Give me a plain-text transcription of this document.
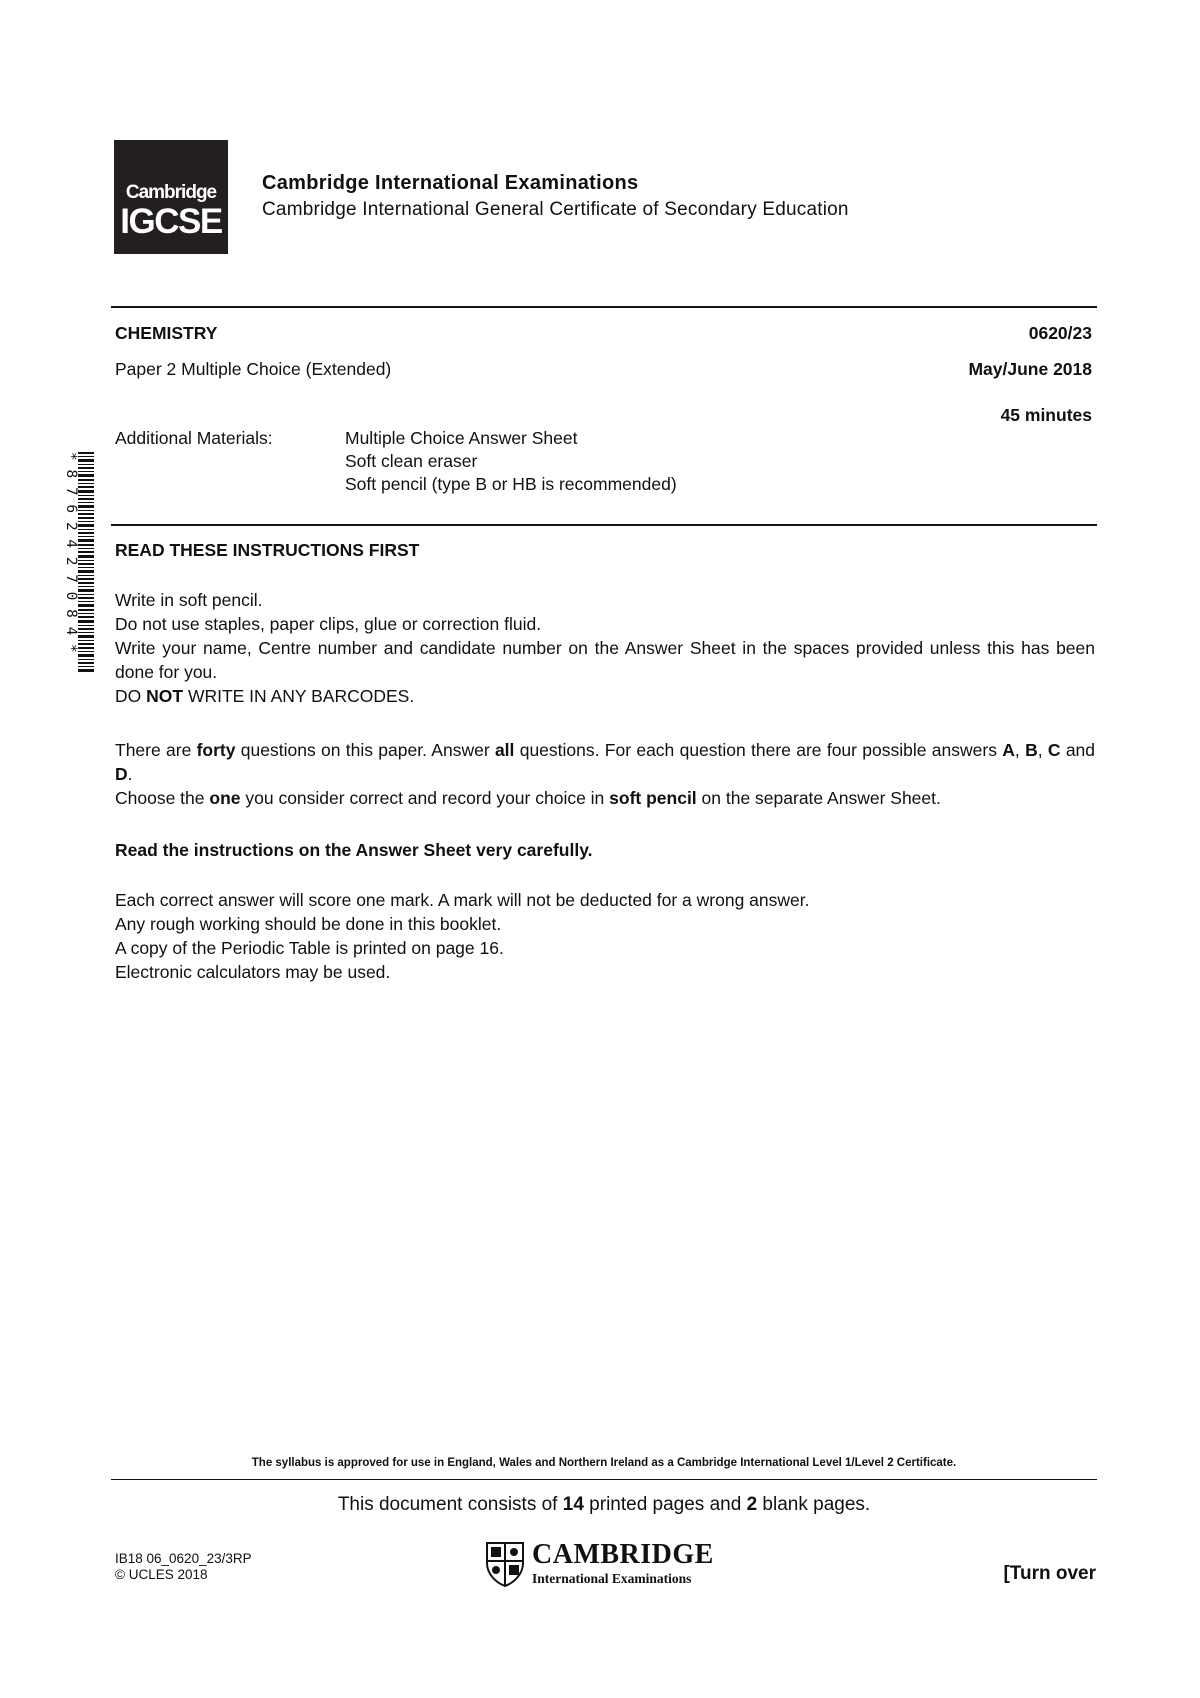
Cambridge
IGCSE
Cambridge International Examinations
Cambridge International General Certificate of Secondary Education
CHEMISTRY	0620/23
Paper 2 Multiple Choice (Extended)	May/June 2018
45 minutes
Additional Materials:	Multiple Choice Answer Sheet
Soft clean eraser
Soft pencil (type B or HB is recommended)
* 8 7 6 2 4 2 7 0 8 4 * READ THESE INSTRUCTIONS FIRST

Write in soft pencil.

Do not use staples, paper clips, glue or correction fluid.

Write your name, Centre number and candidate number on the Answer Sheet in the spaces provided unless this has been done for you.

DO NOT WRITE IN ANY BARCODES.

There are forty questions on this paper. Answer all questions. For each question there are four possible answers A, B, C and D.

Choose the one you consider correct and record your choice in soft pencil on the separate Answer Sheet.

Read the instructions on the Answer Sheet very carefully.

Each correct answer will score one mark. A mark will not be deducted for a wrong answer.

Any rough working should be done in this booklet.

A copy of the Periodic Table is printed on page 16.

Electronic calculators may be used.

The syllabus is approved for use in England, Wales and Northern Ireland as a Cambridge International Level 1/Level 2 Certificate.
This document consists of 14 printed pages and 2 blank pages.
IB18 06_0620_23/3RP
© UCLES 2018
CAMBRIDGE
International Examinations	[Turn over
